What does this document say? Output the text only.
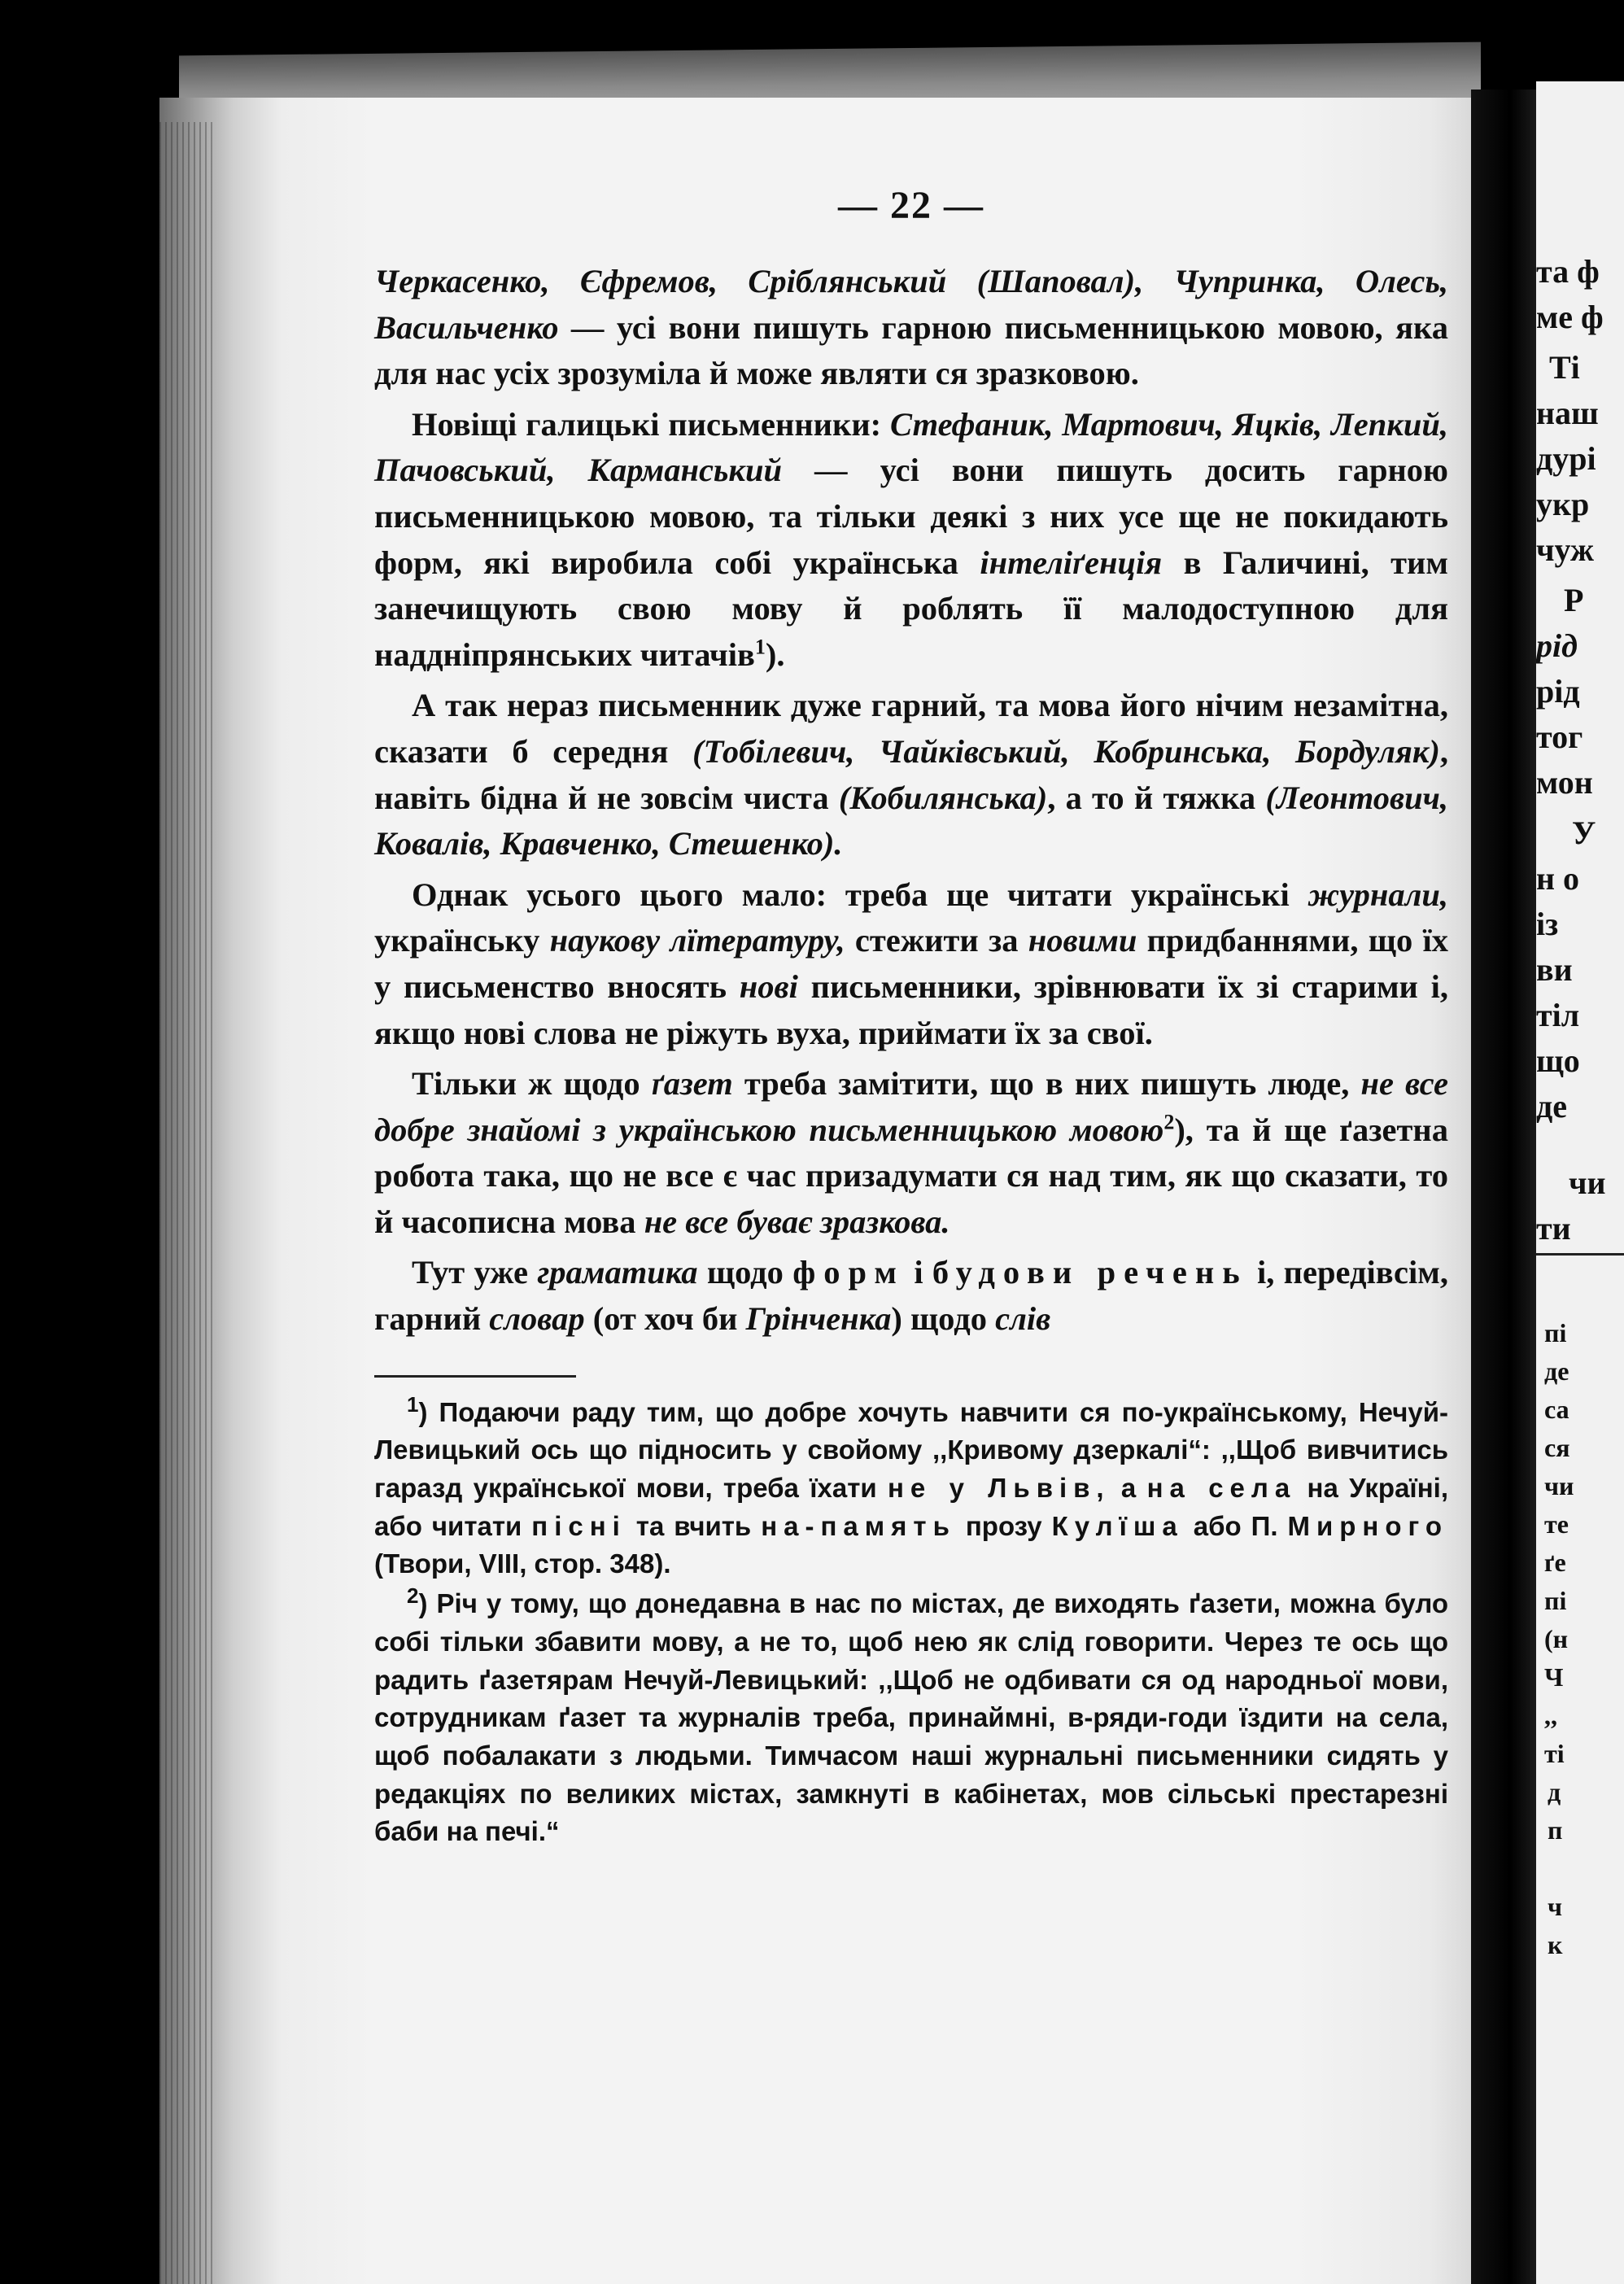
та ф
ме ф
Ті
наш
дурі
укр
чуж
Р
рід
рід
тог
мон
У
но
із
ви
тіл
що
де
чи
ти
пі
де
са
ся
чи
те
ґе
пі
(н
Ч
,,
ті
д
п
ч
к
— 22 —

Черкасенко, Єфремов, Сріблянський (Шаповал), Чупринка, Олесь, Васильченко — усі вони пишуть гарною письменницькою мовою, яка для нас усіх зрозуміла й може являти ся зразковою.

Новіщі галицькі письменники: Стефаник, Мартович, Яцків, Лепкий, Пачовський, Карманський — усі вони пишуть досить гарною письменницькою мовою, та тільки деякі з них усе ще не покидають форм, які виробила собі українська інтеліґенція в Галичині, тим занечищують свою мову й роблять її малодоступною для наддніпрянських читачів$^1$).

А так нераз письменник дуже гарний, та мова його нічим незамітна, сказати б середня (Тобілевич, Чайківський, Кобринська, Бордуляк), навіть бідна й не зовсім чиста (Кобилянська), а то й тяжка (Леонтович, Ковалів, Кравченко, Стешенко).

Однак усього цього мало: треба ще читати українські журнали, українську наукову лїтературу, стежити за новими придбаннями, що їх у письменство вносять нові письменники, зрівнювати їх зі старими і, якщо нові слова не ріжуть вуха, приймати їх за свої.

Тільки ж щодо ґазет треба замітити, що в них пишуть люде, не все добре знайомі з українською письменницькою мовою$^2$), та й ще ґазетна робота така, що не все є час призадумати ся над тим, як що сказати, то й часописна мова не все буває зразкова.

Тут уже граматика щодо форм і будови речень і, передівсім, гарний словар (от хоч би Грінченка) щодо слів

$^1$) Подаючи раду тим, що добре хочуть навчити ся по-українському, Нечуй-Левицький ось що підносить у свойому ,,Кривому дзеркалі“: ,,Щоб вивчитись гаразд української мови, треба їхати не у Львів, а на села на Україні, або читати пісні та вчить на-память прозу Кулїша або П. Мирного (Твори, VIII, стор. 348).

$^2$) Річ у тому, що донедавна в нас по містах, де виходять ґазети, можна було собі тільки збавити мову, а не то, щоб нею як слід говорити. Через те ось що радить ґазетярам Нечуй-Левицький: ,,Щоб не одбивати ся од народньої мови, сотрудникам ґазет та журналів треба, принаймні, в-ряди-годи їздити на села, щоб побалакати з людьми. Тимчасом наші журнальні письменники сидять у редакціях по великих містах, замкнуті в кабінетах, мов сільські престарезні баби на печі.“
